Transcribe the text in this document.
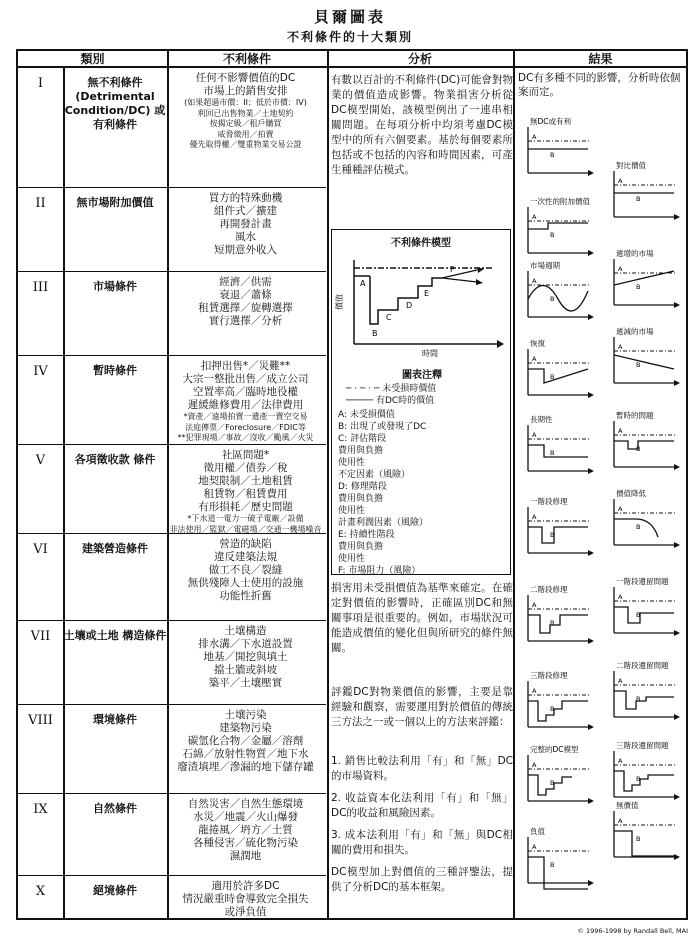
貝爾圖表
不利條件的十大類別
類別	不利條件	分析	結果
I	無不利條件 (Detrimental Condition/DC) 或有利條件
任何不影響價值的DC
市場上的銷售安排
(如果超過市價：II；低於市價：IV)
利回已出售物業／土地契約
按揭定級／租戶購買
威脅徵用／拍賣
優先取得權／雙重物業交易公證
II	無市場附加價值	買方的特殊動機
組件式／擴建
再開發計畫
風水
短期意外收入
III	市場條件	經濟／供需
衰退／蕭條
租賃選擇／旋轉選擇
實行選擇／分析
IV	暫時條件	扣押出售*／災難**
大宗一整批出售／成立公司
空置率高／臨時地役權
遲緩維修費用／法律費用
*資產／遠場拍賣一遺產一賣空交易
法庭傳票／Foreclosure／FDIC等
**犯罪現場／事故／沒收／颱風／火災
V	各項徵收款 條件	社區問題*
徵用權／債券／稅
地契限制／土地租賃
租賃物／租賃費用
有形損耗／歷史問題
*下水道一電力一破子電廠／設備
非法使用／監獄／電磁場／交通一機場噪音
VI	建築營造條件	營造的缺陷
違反建築法規
做工不良／裂縫
無供殘障人士使用的設施
功能性折舊
VII	土壤或土地 構造條件	土壤構造
排水溝／下水道設置
地基／開挖與填土
擋土牆或斜坡
築平／土壤壓實
VIII	環境條件	土壤污染
建築物污染
碳氫化合物／金屬／溶劑
石綿／放射性物質／地下水
廢渣填埋／滲漏的地下儲存罐
IX	自然條件	自然災害／自然生態環境
水災／地震／火山爆發
龍捲風／坍方／土質
各種侵害／硫化物污染
濕潤地
X	絕境條件	適用於許多DC
情況嚴重時會導致完全損失
或淨負值
有數以百計的不利條件(DC)可能會對物業的價值造成影響。物業損害分析從DC模型開始，該模型例出了一連串相關問題。在每項分析中均須考慮DC模型中的所有六個要素。基於每個要素所包括或不包括的內容和時間因素，可產生種種評估模式。
不利條件模型
價值
時間
A
B
C
D
E
F
圖表注釋
─ · ─ · ─ 未受損時價值
───── 有DC時的價值
A: 未受損價值
B: 出現了或發現了DC
C: 評估階段
費用與負擔
使用性
不定因素（風險）
D: 修理階段
費用與負擔
使用性
計畫利潤因素（風險）
E: 持續性階段
費用與負擔
使用性
F: 市場阻力（風險）
損害用未受損價值為基準來確定。在確定對價值的影響時，正確區別DC和無關事項是很重要的。例如，市場狀況可能造成價值的變化但與所研究的條件無關。
評鑑DC對物業價值的影響，主要是靠經驗和觀察，需要運用對於價值的傳統三方法之一或一個以上的方法來評鑑：
1. 銷售比較法利用「有」和「無」DC的市場資料。
2. 收益資本化法利用「有」和「無」DC的收益和風險因素。
3. 成本法利用「有」和「無」與DC相關的費用和損失。
DC模型加上對價值的三種評鑒法，提供了分析DC的基本框架。
DC有多種不同的影響，分析時依個案而定。
無DC或有利
A
B
對比價值
A
B
一次性的附加價值
A
B
市場週期
A
B
遞增的市場
A
B
恢復
A
B
遞減的市場
A
B
長期性
A
B
暫時的問題
A
B
價值降低
A
B
一階段修理
A
B
一階段遺留問題
A
B
二階段修理
A
B
二階段遺留問題
A
B
三階段修理
A
B
三階段遺留問題
A
B
完整的DC模型
A
B
無價值
A
B
負值
A
B
© 1996-1998 by Randall Bell, MAI
